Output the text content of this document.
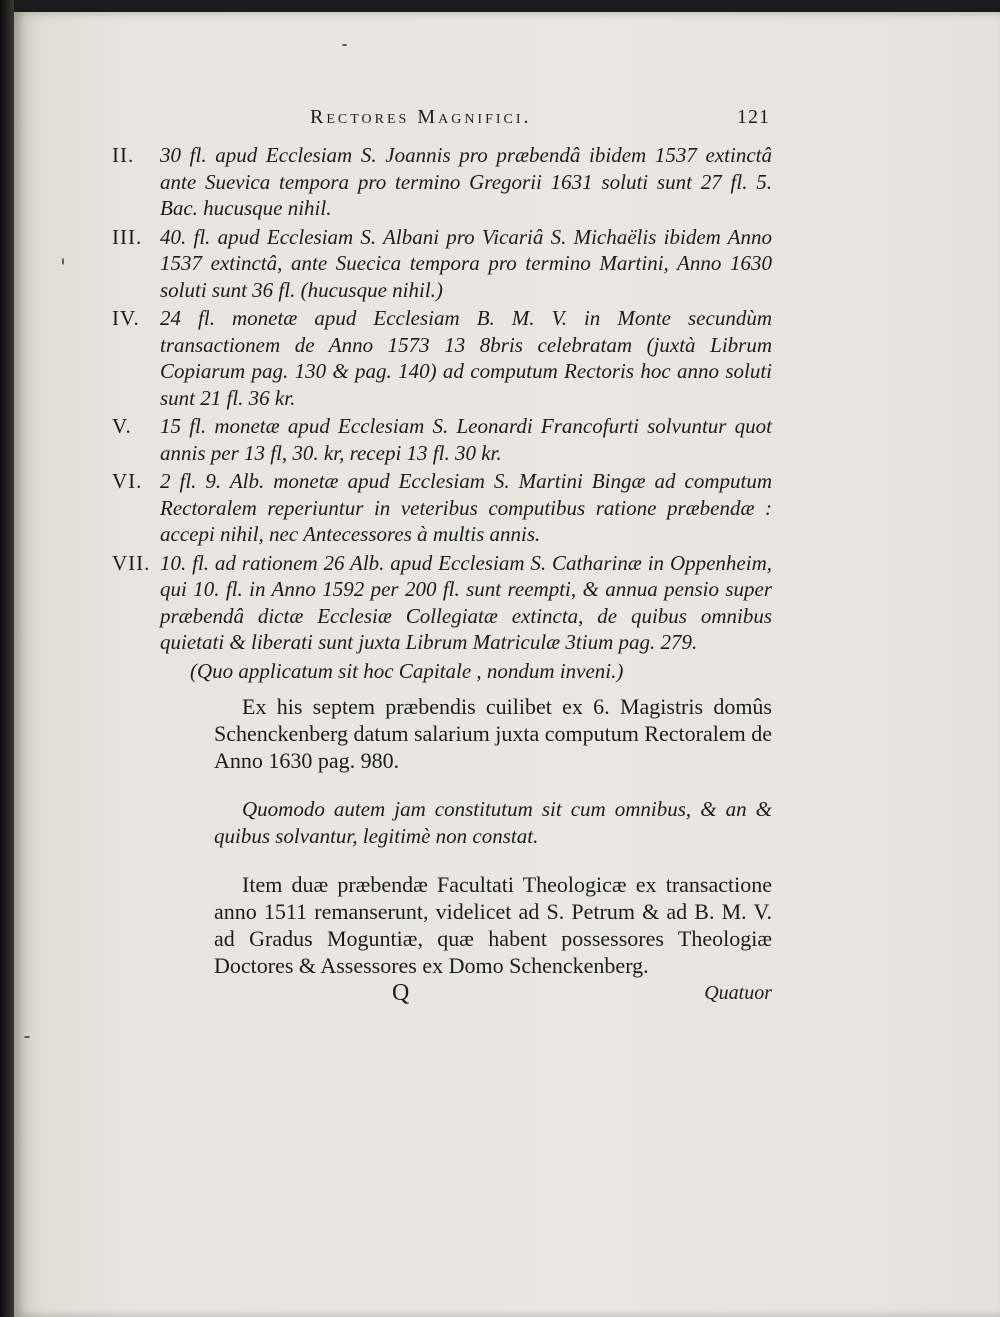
Rectores Magnifici.	121
II. 30 fl. apud Ecclesiam S. Joannis pro præbendâ ibidem 1537 extinctâ ante Suevica tempora pro termino Gregorii 1631 soluti sunt 27 fl. 5. Bac. hucusque nihil.
III. 40. fl. apud Ecclesiam S. Albani pro Vicariâ S. Michaëlis ibidem Anno 1537 extinctâ, ante Suecica tempora pro termino Martini, Anno 1630 soluti sunt 36 fl. (hucusque nihil.)
IV. 24 fl. monetæ apud Ecclesiam B. M. V. in Monte secundùm transactionem de Anno 1573 13 8bris celebratam (juxtà Librum Copiarum pag. 130 & pag. 140) ad computum Rectoris hoc anno soluti sunt 21 fl. 36 kr.
V. 15 fl. monetæ apud Ecclesiam S. Leonardi Francofurti solvuntur quot annis per 13 fl, 30. kr, recepi 13 fl. 30 kr.
VI. 2 fl. 9. Alb. monetæ apud Ecclesiam S. Martini Bingæ ad computum Rectoralem reperiuntur in veteribus computibus ratione præbendæ : accepi nihil, nec Antecessores à multis annis.
VII. 10. fl. ad rationem 26 Alb. apud Ecclesiam S. Catharinæ in Oppenheim, qui 10. fl. in Anno 1592 per 200 fl. sunt reempti, & annua pensio super præbendâ dictæ Ecclesiæ Collegiatæ extincta, de quibus omnibus quietati & liberati sunt juxta Librum Matriculæ 3tium pag. 279.
(Quo applicatum sit hoc Capitale , nondum inveni.)

Ex his septem præbendis cuilibet ex 6. Magistris domûs Schenckenberg datum salarium juxta computum Rectoralem de Anno 1630 pag. 980.

Quomodo autem jam constitutum sit cum omnibus, & an & quibus solvantur, legitimè non constat.

Item duæ præbendæ Facultati Theologicæ ex transactione anno 1511 remanserunt, videlicet ad S. Petrum & ad B. M. V. ad Gradus Moguntiæ, quæ habent possessores Theologiæ Doctores & Assessores ex Domo Schenckenberg.

Q	Quatuor
